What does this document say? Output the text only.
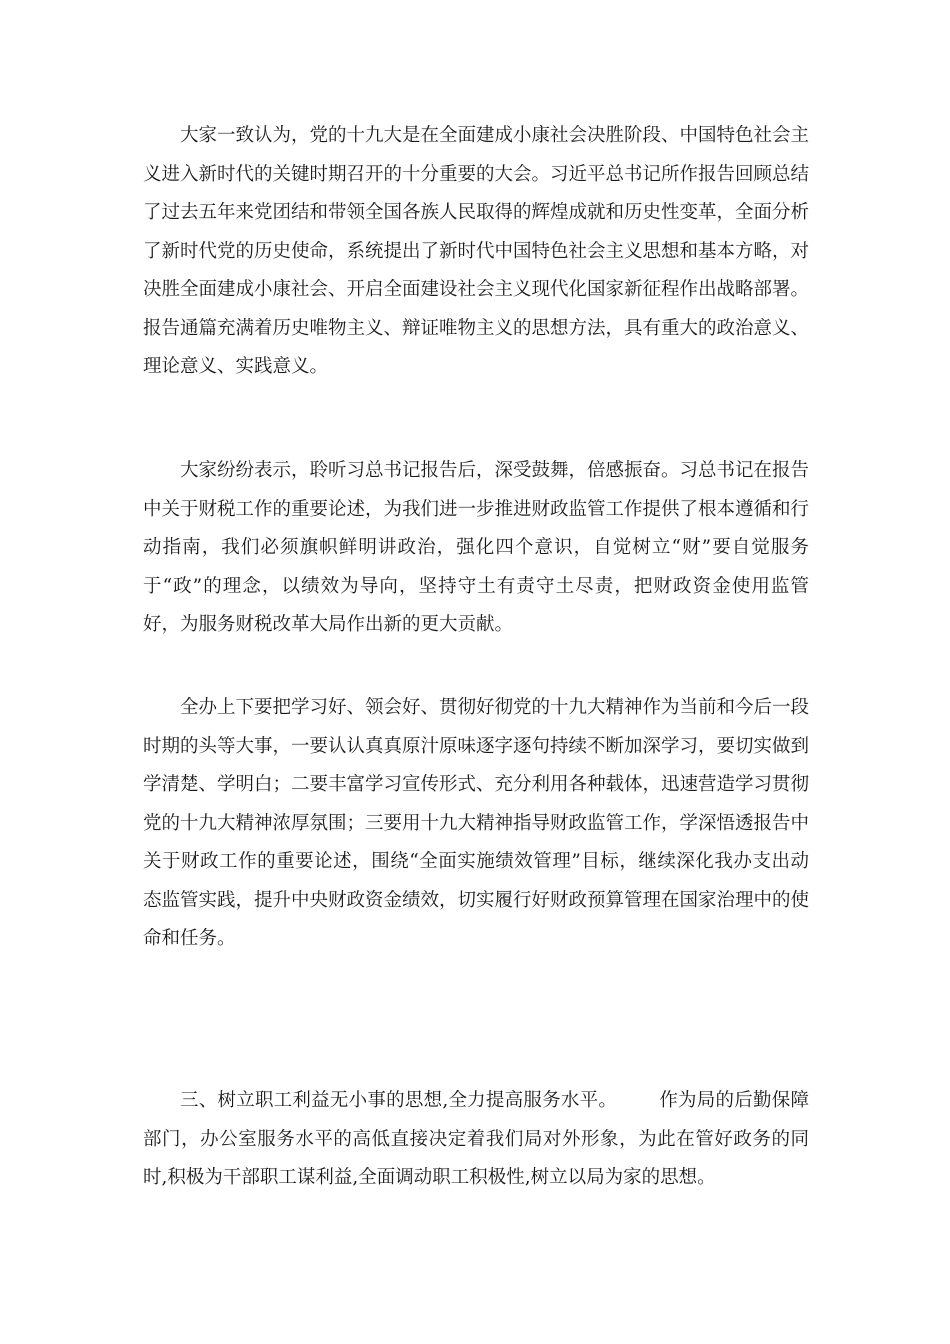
大家一致认为，党的十九大是在全面建成小康社会决胜阶段、中国特色社会主义进入新时代的关键时期召开的十分重要的大会。习近平总书记所作报告回顾总结了过去五年来党团结和带领全国各族人民取得的辉煌成就和历史性变革，全面分析了新时代党的历史使命，系统提出了新时代中国特色社会主义思想和基本方略，对决胜全面建成小康社会、开启全面建设社会主义现代化国家新征程作出战略部署。报告通篇充满着历史唯物主义、辩证唯物主义的思想方法，具有重大的政治意义、理论意义、实践意义。

大家纷纷表示，聆听习总书记报告后，深受鼓舞，倍感振奋。习总书记在报告中关于财税工作的重要论述，为我们进一步推进财政监管工作提供了根本遵循和行动指南，我们必须旗帜鲜明讲政治，强化四个意识，自觉树立“财”要自觉服务于“政”的理念，以绩效为导向，坚持守土有责守土尽责，把财政资金使用监管好，为服务财税改革大局作出新的更大贡献。

全办上下要把学习好、领会好、贯彻好彻党的十九大精神作为当前和今后一段时期的头等大事，一要认认真真原汁原味逐字逐句持续不断加深学习，要切实做到学清楚、学明白；二要丰富学习宣传形式、充分利用各种载体，迅速营造学习贯彻党的十九大精神浓厚氛围；三要用十九大精神指导财政监管工作，学深悟透报告中关于财政工作的重要论述，围绕“全面实施绩效管理”目标，继续深化我办支出动态监管实践，提升中央财政资金绩效，切实履行好财政预算管理在国家治理中的使命和任务。

三、树立职工利益无小事的思想,全力提高服务水平。 作为局的后勤保障部门，办公室服务水平的高低直接决定着我们局对外形象，为此在管好政务的同时,积极为干部职工谋利益,全面调动职工积极性,树立以局为家的思想。
